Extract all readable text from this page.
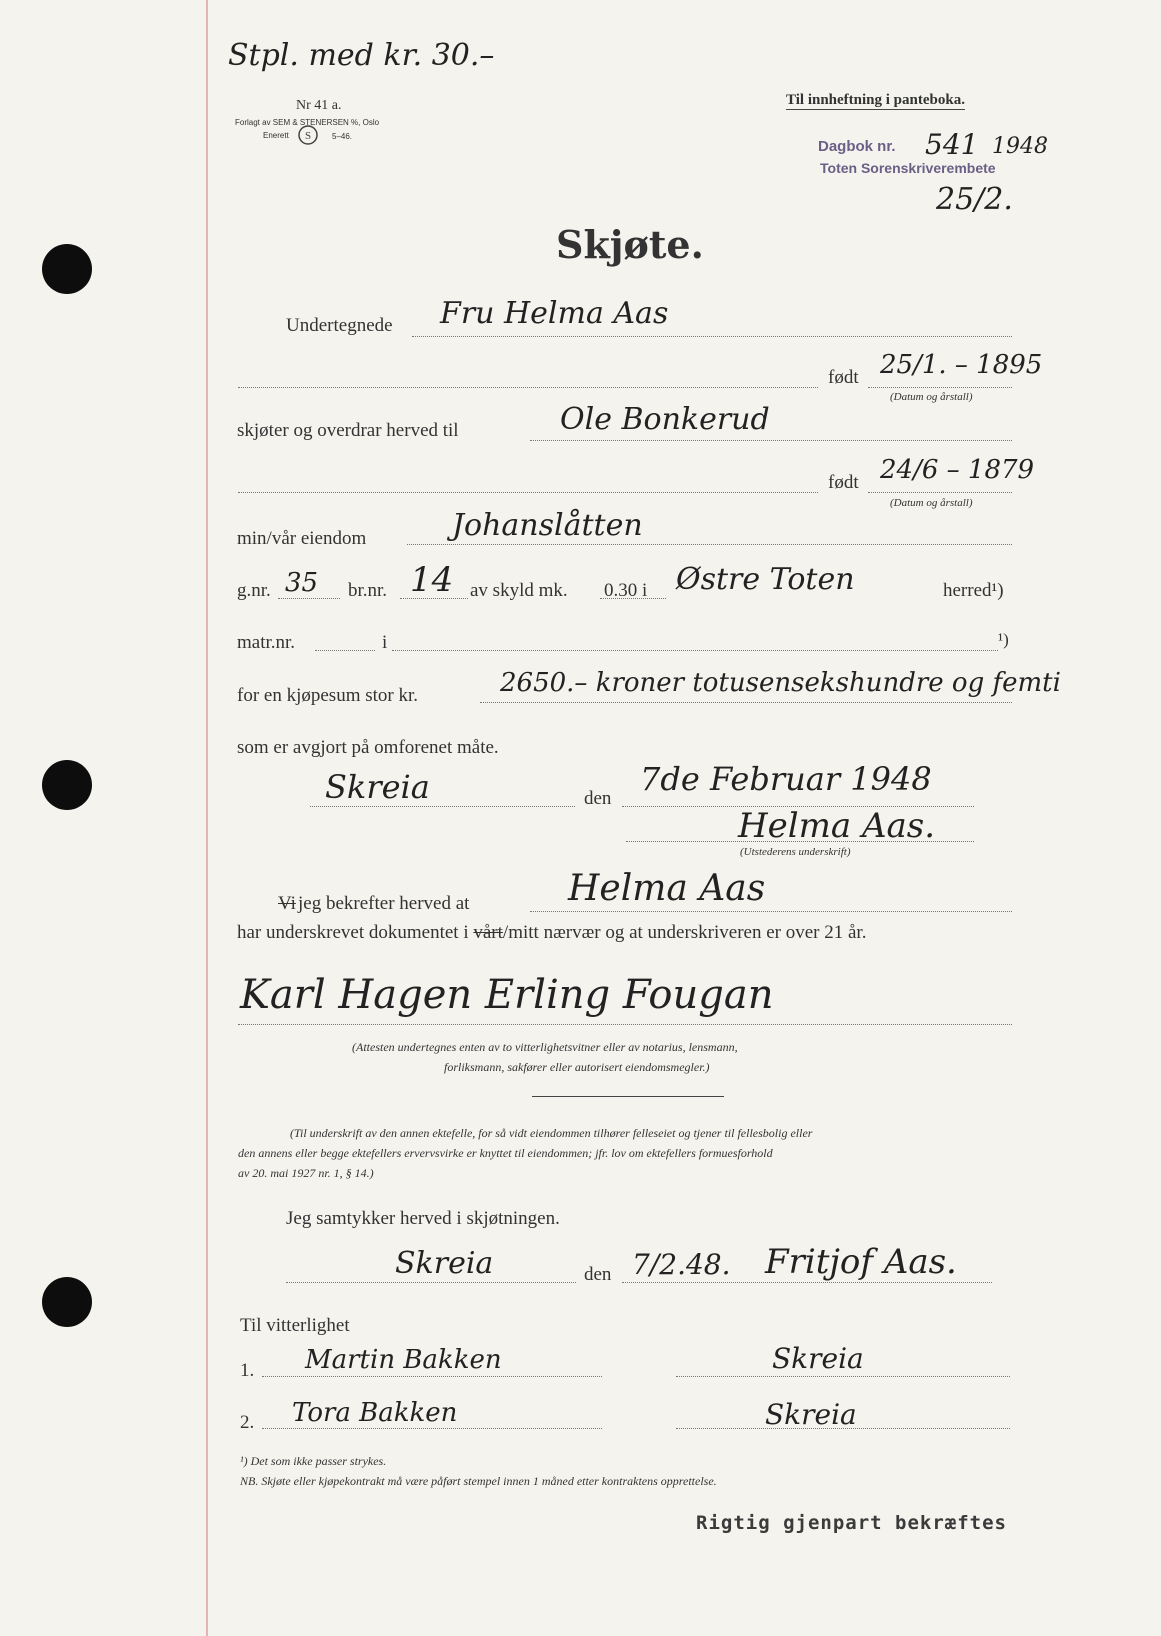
Stpl. med kr. 30.–
Nr 41 a.
Forlagt av SEM & STENERSEN %, Oslo
Enerett S	5–46.
Til innheftning i panteboka.
Dagbok nr. 541 1948
Toten Sorenskriverembete
25/2.
Skjøte.
Undertegnede Fru Helma Aas
født 25/1. – 1895
(Datum og årstall)
skjøter og overdrar herved til	Ole Bonkerud
født 24/6 – 1879
(Datum og årstall)
min/vår eiendom	Johanslåtten
g.nr. 35 br.nr. 14 av skyld mk. 0.30 i Østre Toten	herred¹)
matr.nr.	i	¹)
for en kjøpesum stor kr.	2650.– kroner totusensekshundre og femti
som er avgjort på omforenet måte.
Skreia	den
7de Februar 1948
Helma Aas.
(Utstederens underskrift)
Vi jeg bekrefter herved at	Helma Aas
har underskrevet dokumentet i vårt/mitt nærvær og at underskriveren er over 21 år.
Karl Hagen Erling Fougan
(Attesten undertegnes enten av to vitterlighetsvitner eller av notarius, lensmann,
forliksmann, sakfører eller autorisert eiendomsmegler.)
(Til underskrift av den annen ektefelle, for så vidt eiendommen tilhører felleseiet og tjener til fellesbolig eller
den annens eller begge ektefellers ervervsvirke er knyttet til eiendommen; jfr. lov om ektefellers formuesforhold
av 20. mai 1927 nr. 1, § 14.)
Jeg samtykker herved i skjøtningen.
Skreia	den 7/2.48. Fritjof Aas.
Til vitterlighet
1. Martin Bakken	Skreia
2. Tora Bakken	Skreia
¹) Det som ikke passer strykes.
NB. Skjøte eller kjøpekontrakt må være påført stempel innen 1 måned etter kontraktens opprettelse.
Rigtig gjenpart bekræftes
